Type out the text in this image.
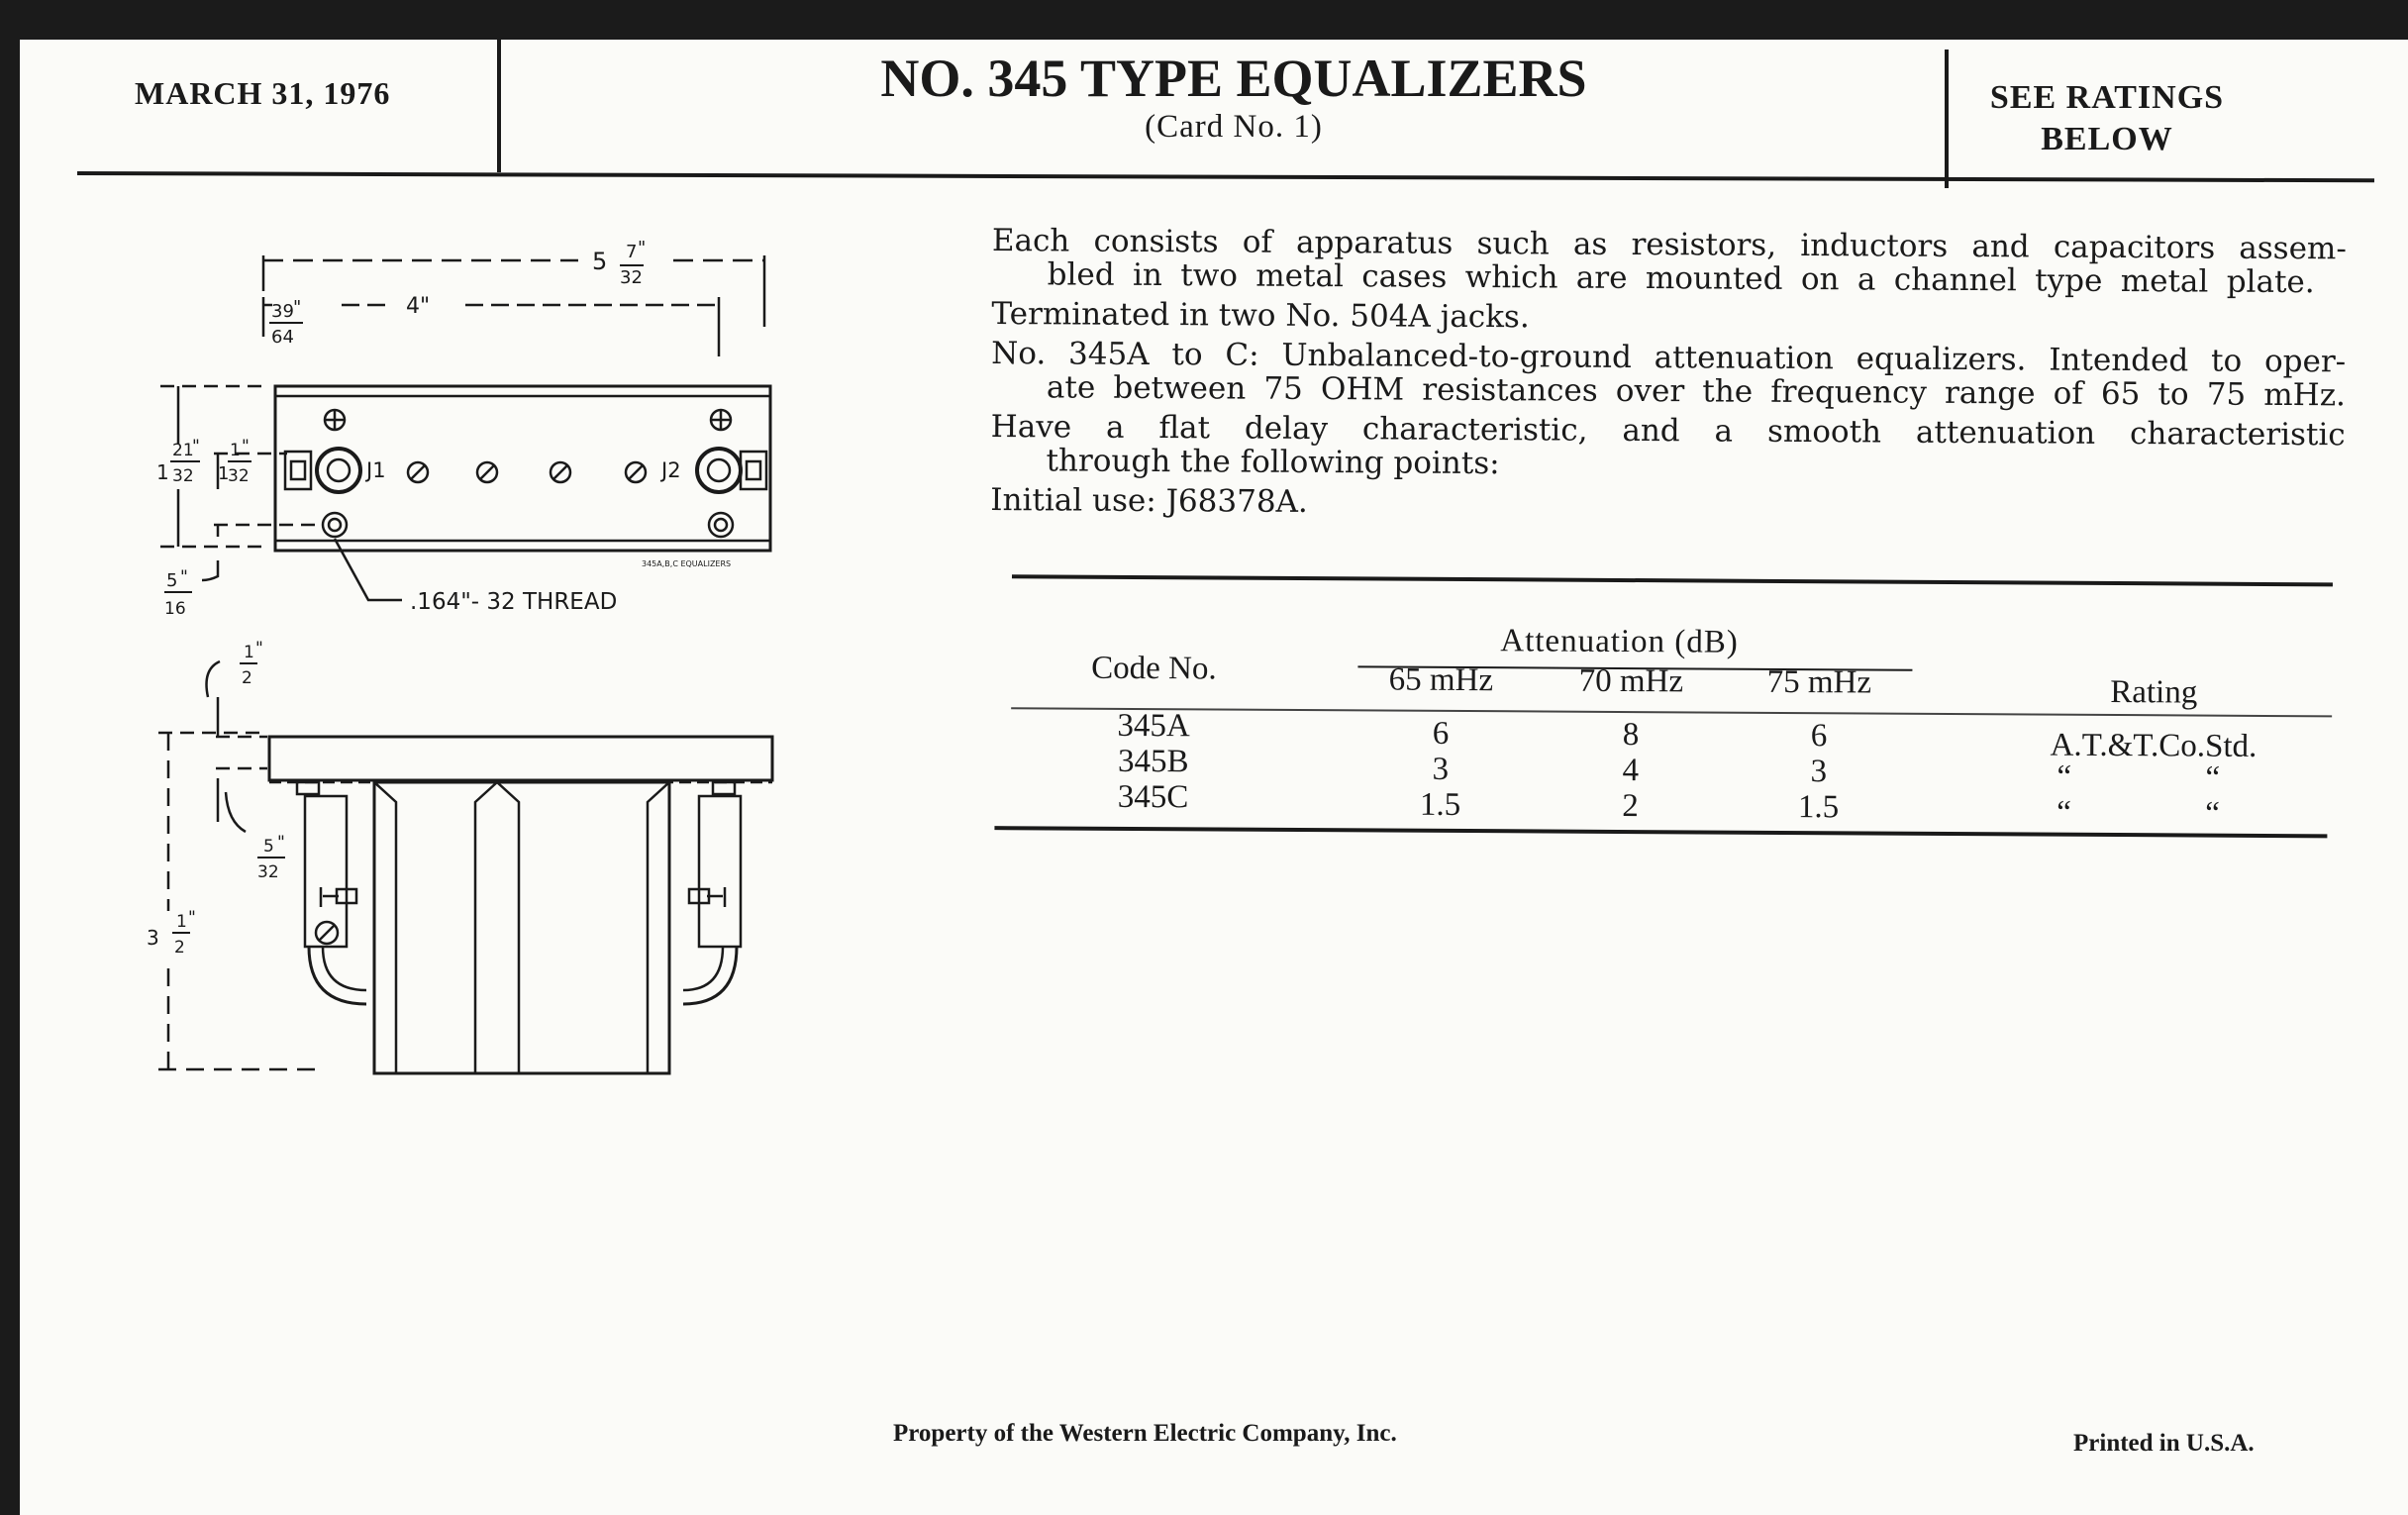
MARCH 31, 1976	NO. 345 TYPE EQUALIZERS
(Card No. 1)
SEE RATINGS
BELOW
Each consists of apparatus such as resistors, inductors and capacitors assem-
bled in two metal cases which are mounted on a channel type metal plate.
Terminated in two No. 504A jacks.
No. 345A to C: Unbalanced-to-ground attenuation equalizers. Intended to oper-
ate between 75 OHM resistances over the frequency range of 65 to 75 mHz.
Have a flat delay characteristic, and a smooth attenuation characteristic
through the following points:
Initial use: J68378A.
Attenuation (dB)
Code No.	65 mHz	70 mHz	75 mHz	Rating
345A	6	8	6	A.T.&T.Co.Std.
345B	3	4	3	“	“
345C	1.5	2	1.5	“	“
5 7 "
32
39 "
64
4"
1
21
"
32 1
1 "
32
5 "
16
J1	J2
345A,B,C EQUALIZERS
.164"- 32 THREAD
1 "
2
5 "
32
3
1 "
2
Property of the Western Electric Company, Inc.	Printed in U.S.A.
